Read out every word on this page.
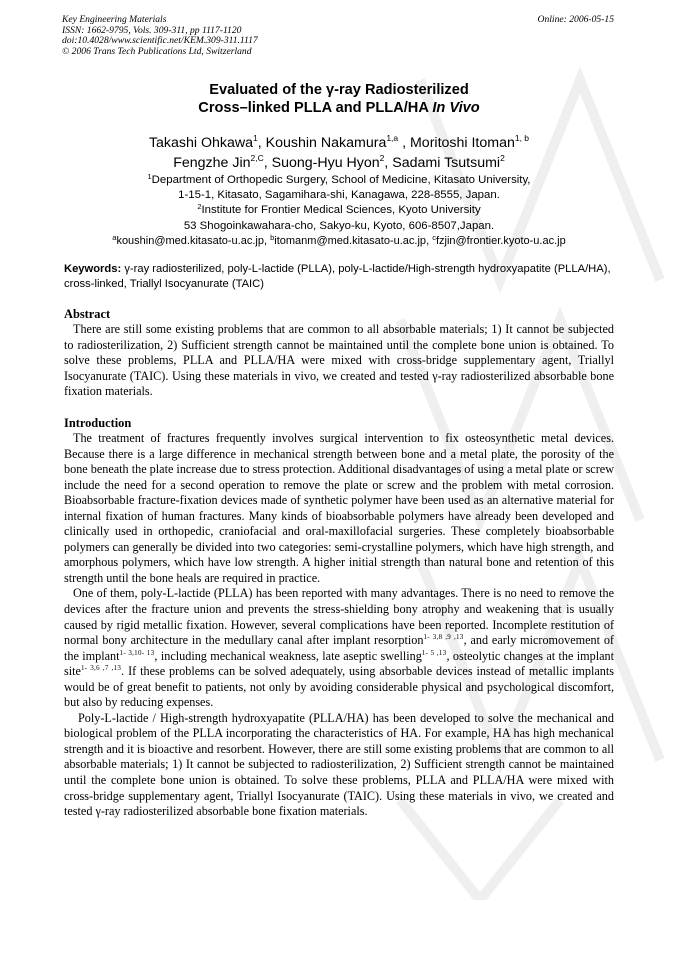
Key Engineering Materials
ISSN: 1662-9795, Vols. 309-311, pp 1117-1120
doi:10.4028/www.scientific.net/KEM.309-311.1117
© 2006 Trans Tech Publications Ltd, Switzerland
Online: 2006-05-15
Evaluated of the γ-ray Radiosterilized
Cross–linked PLLA and PLLA/HA In Vivo
Takashi Ohkawa$^1$, Koushin Nakamura$^{1,a}$ , Moritoshi Itoman$^{1, b}$
Fengzhe Jin$^{2,C}$, Suong-Hyu Hyon$^2$, Sadami Tsutsumi$^2$
$^1$Department of Orthopedic Surgery, School of Medicine, Kitasato University,
1-15-1, Kitasato, Sagamihara-shi, Kanagawa, 228-8555, Japan.
$^2$Institute for Frontier Medical Sciences, Kyoto University
53 Shogoinkawahara-cho, Sakyo-ku, Kyoto, 606-8507,Japan.
$^a$koushin@med.kitasato-u.ac.jp, $^b$itomanm@med.kitasato-u.ac.jp, $^c$fzjin@frontier.kyoto-u.ac.jp
Keywords: γ-ray radiosterilized, poly-L-lactide (PLLA), poly-L-lactide/High-strength hydroxyapatite (PLLA/HA), cross-linked, Triallyl Isocyanurate (TAIC)
Abstract

There are still some existing problems that are common to all absorbable materials; 1) It cannot be subjected to radiosterilization, 2) Sufficient strength cannot be maintained until the complete bone union is obtained. To solve these problems, PLLA and PLLA/HA were mixed with cross-bridge supplementary agent, Triallyl Isocyanurate (TAIC). Using these materials in vivo, we created and tested γ-ray radiosterilized absorbable bone fixation materials.

Introduction

The treatment of fractures frequently involves surgical intervention to fix osteosynthetic metal devices. Because there is a large difference in mechanical strength between bone and a metal plate, the porosity of the bone beneath the plate increase due to stress protection. Additional disadvantages of using a metal plate or screw include the need for a second operation to remove the plate or screw and the problem with metal corrosion. Bioabsorbable fracture-fixation devices made of synthetic polymer have been used as an alternative material for internal fixation of human fractures. Many kinds of bioabsorbable polymers have already been developed and clinically used in orthopedic, craniofacial and oral-maxillofacial surgeries. These completely bioabsorbable polymers can generally be divided into two categories: semi-crystalline polymers, which have high strength, and amorphous polymers, which have low strength. A higher initial strength than natural bone and retention of this strength until the bone heals are required in practice.

One of them, poly-L-lactide (PLLA) has been reported with many advantages. There is no need to remove the devices after the fracture union and prevents the stress-shielding bony atrophy and weakening that is usually caused by rigid metallic fixation. However, several complications have been reported. Incomplete restitution of normal bony architecture in the medullary canal after implant resorption$^{1- 3,8 ,9 ,13}$, and early micromovement of the implant$^{1- 3,10- 13}$, including mechanical weakness, late aseptic swelling$^{1- 5 ,13}$, osteolytic changes at the implant site$^{1- 3,6 ,7 ,13}$. If these problems can be solved adequately, using absorbable devices instead of metallic implants would be of great benefit to patients, not only by avoiding considerable physical and psychological discomfort, but also by reducing expenses.

Poly-L-lactide / High-strength hydroxyapatite (PLLA/HA) has been developed to solve the mechanical and biological problem of the PLLA incorporating the characteristics of HA. For example, HA has high mechanical strength and it is bioactive and resorbent. However, there are still some existing problems that are common to all absorbable materials; 1) It cannot be subjected to radiosterilization, 2) Sufficient strength cannot be maintained until the complete bone union is obtained. To solve these problems, PLLA and PLLA/HA were mixed with cross-bridge supplementary agent, Triallyl Isocyanurate (TAIC). Using these materials in vivo, we created and tested γ-ray radiosterilized absorbable bone fixation materials.
